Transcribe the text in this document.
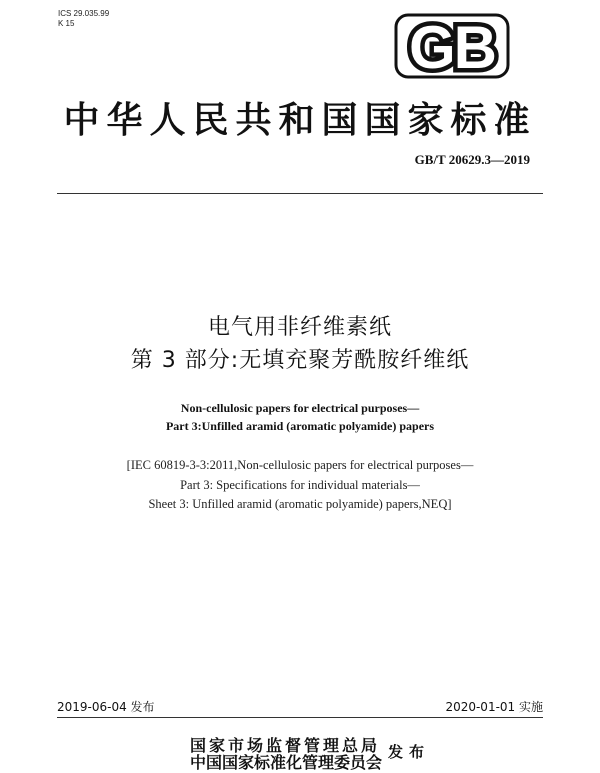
ICS 29.035.99
K 15	GB
中华人民共和国国家标准
GB/T 20629.3—2019
电气用非纤维素纸
第 3 部分:无填充聚芳酰胺纤维纸
Non-cellulosic papers for electrical purposes—
Part 3:Unfilled aramid (aromatic polyamide) papers
[IEC 60819-3-3:2011,Non-cellulosic papers for electrical purposes—
Part 3: Specifications for individual materials—
Sheet 3: Unfilled aramid (aromatic polyamide) papers,NEQ]
2019-06-04 发布	2020-01-01 实施
国家市场监督管理总局
中国国家标准化管理委员会
发布
